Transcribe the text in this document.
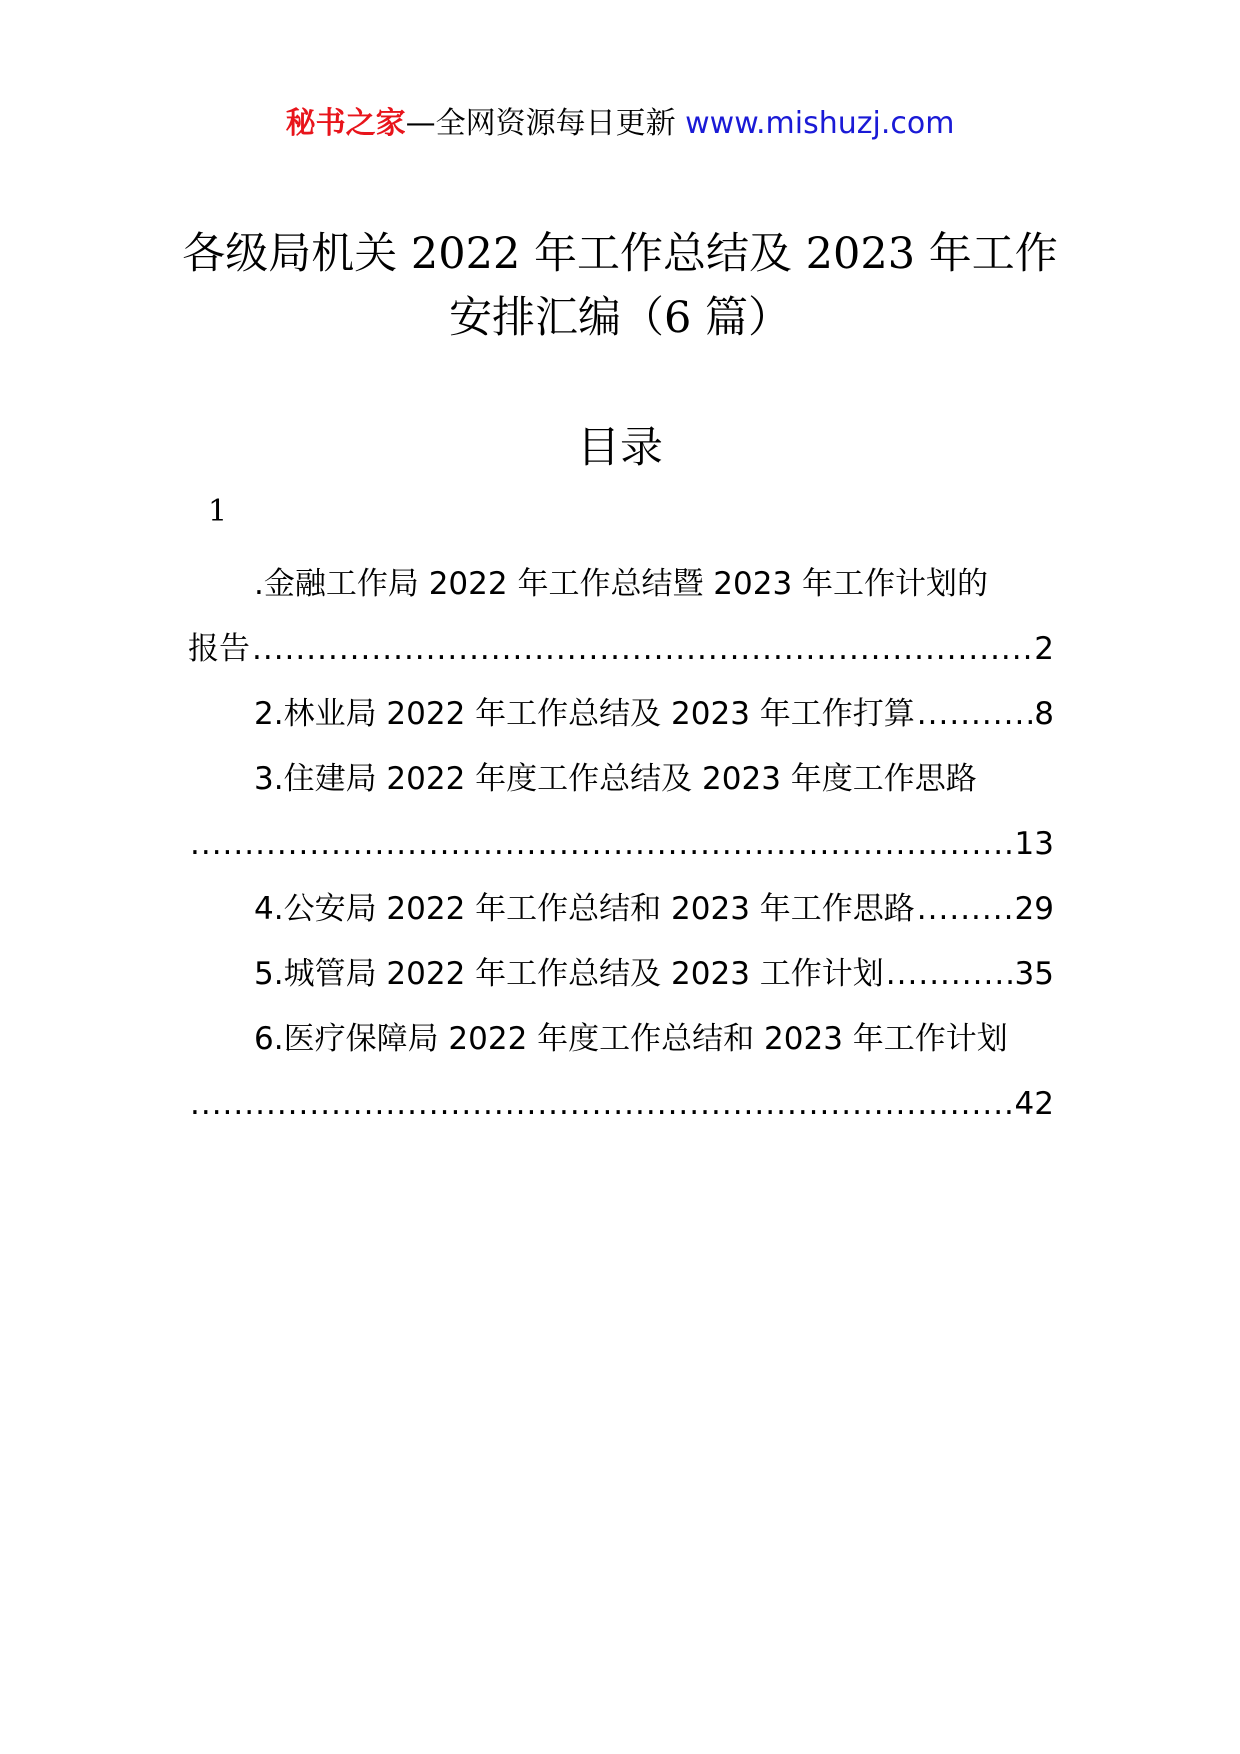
秘书之家—全网资源每日更新 www.mishuzj.com
各级局机关 2022 年工作总结及 2023 年工作
安排汇编（6 篇）
目录
1
.金融工作局 2022 年工作总结暨 2023 年工作计划的
报告 .....	2
2.林业局 2022 年工作总结及 2023 年工作打算 .....	8
3.住建局 2022 年度工作总结及 2023 年度工作思路
.....
13
4.公安局 2022 年工作总结和 2023 年工作思路 .....	29
5.城管局 2022 年工作总结及 2023 工作计划 .....	35
6.医疗保障局 2022 年度工作总结和 2023 年工作计划
.....
42
